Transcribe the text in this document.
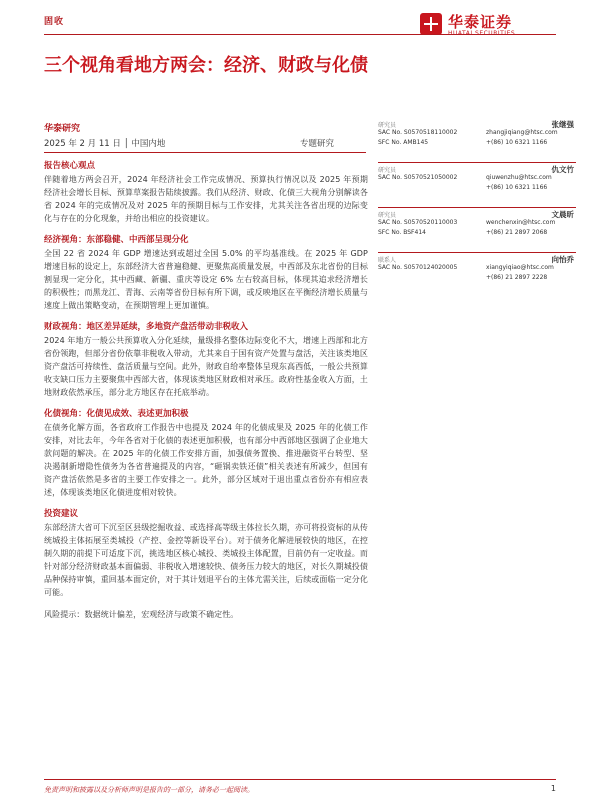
固收	华泰证券
三个视角看地方两会：经济、财政与化债
华泰研究
2025 年 2 月 11 日 │ 中国内地	专题研究

报告核心观点

伴随着地方两会召开，2024 年经济社会工作完成情况、预算执行情况以及 2025 年预期经济社会增长目标、预算草案报告陆续披露。我们从经济、财政、化债三大视角分别解读各省 2024 年的完成情况及对 2025 年的预期目标与工作安排，尤其关注各省出现的边际变化与存在的分化现象，并给出相应的投资建议。

经济视角：东部稳健、中西部呈现分化

全国 22 省 2024 年 GDP 增速达到或超过全国 5.0% 的平均基准线。在 2025 年 GDP 增速目标的设定上，东部经济大省普遍稳健、更聚焦高质量发展，中西部及东北省份的目标割显现一定分化，其中西藏、新疆、重庆等设定 6% 左右较高目标，体现其追求经济增长的积极性；而黑龙江、青海、云南等省份目标有所下调，或反映地区在平衡经济增长质量与速度上做出策略变动，在预期管理上更加谨慎。

财政视角：地区差异延续，多地资产盘活带动非税收入

2024 年地方一般公共预算收入分化延续，量级排名整体边际变化不大，增速上西部和北方省份领跑，但部分省份依靠非税收入带动，尤其来自于国有资产处置与盘活，关注该类地区资产盘活可持续性、盘活质量与空间。此外，财政自给率整体呈现东高西低，一般公共预算收支缺口压力主要聚焦中西部大省，体现该类地区财政相对承压。政府性基金收入方面，土地财政依然承压，部分北方地区存在托底举动。

化债视角：化债见成效、表述更加积极

在债务化解方面，各省政府工作报告中也提及 2024 年的化债成果及 2025 年的化债工作安排，对比去年，今年各省对于化债的表述更加积极，也有部分中西部地区强调了企业地大款问题的解决。在 2025 年的化债工作安排方面，加强债务置换、推进融资平台转型、坚决遏制新增隐性债务为各省普遍提及的内容，“砸锅卖铁还债”相关表述有所减少，但国有资产盘活依然是多省的主要工作安排之一。此外，部分区域对于退出重点省份亦有相应表述，体现该类地区化债进度相对较快。

投资建议

东部经济大省可下沉至区县级挖掘收益、或选择高等级主体拉长久期，亦可将投资标的从传统城投主体拓展至类城投（产控、金控等新设平台）。对于债务化解进展较快的地区，在控制久期的前提下可适度下沉，挑选地区核心城投、类城投主体配置，目前仍有一定收益。而针对部分经济财政基本面偏弱、非税收入增速较快、债务压力较大的地区，对长久期城投债品种保持审慎，重回基本面定价，对于其计划退平台的主体尤需关注，后续或面临一定分化可能。

风险提示：数据统计偏差，宏观经济与政策不确定性。

研究员	张继强
SAC No. S0570518110002	zhangjiqiang@htsc.com
SFC No. AMB145	+(86) 10 6321 1166
研究员	仇文竹
SAC No. S0570521050002	qiuwenzhu@htsc.com
+(86) 10 6321 1166
研究员	文晨昕
SAC No. S0570520110003	wenchenxin@htsc.com
SFC No. BSF414	+(86) 21 2897 2068
联系人	向怡乔
SAC No. S0570124020005	xiangyiqiao@htsc.com
+(86) 21 2897 2228
免责声明和披露以及分析师声明是报告的一部分，请务必一起阅读。	1
